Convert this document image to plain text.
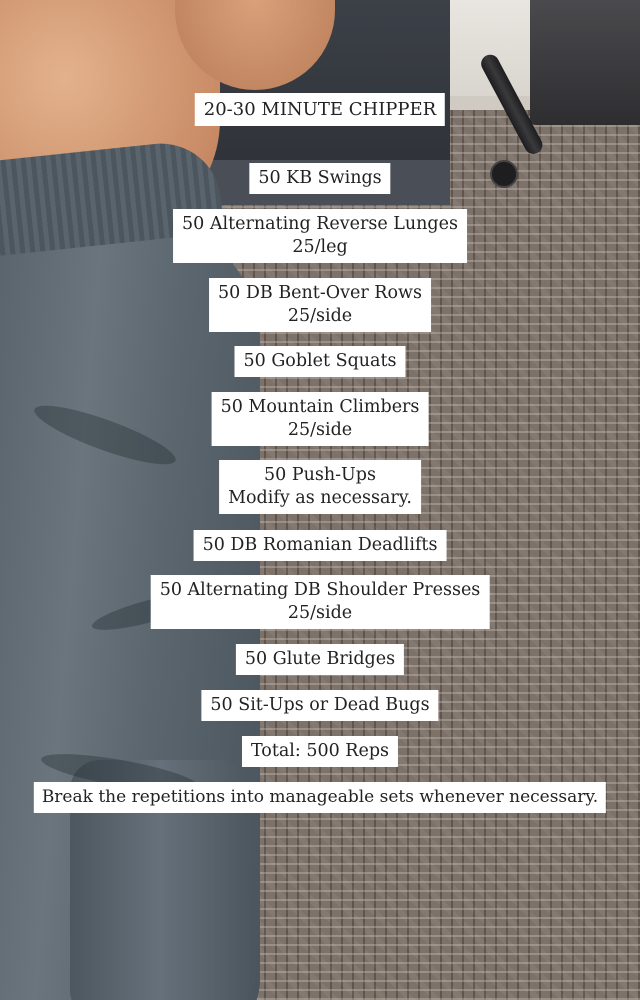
20-30 MINUTE CHIPPER
50 KB Swings
50 Alternating Reverse Lunges
25/leg
50 DB Bent-Over Rows
25/side
50 Goblet Squats
50 Mountain Climbers
25/side
50 Push-Ups
Modify as necessary.
50 DB Romanian Deadlifts
50 Alternating DB Shoulder Presses
25/side
50 Glute Bridges
50 Sit-Ups or Dead Bugs
Total: 500 Reps
Break the repetitions into manageable sets whenever necessary.
